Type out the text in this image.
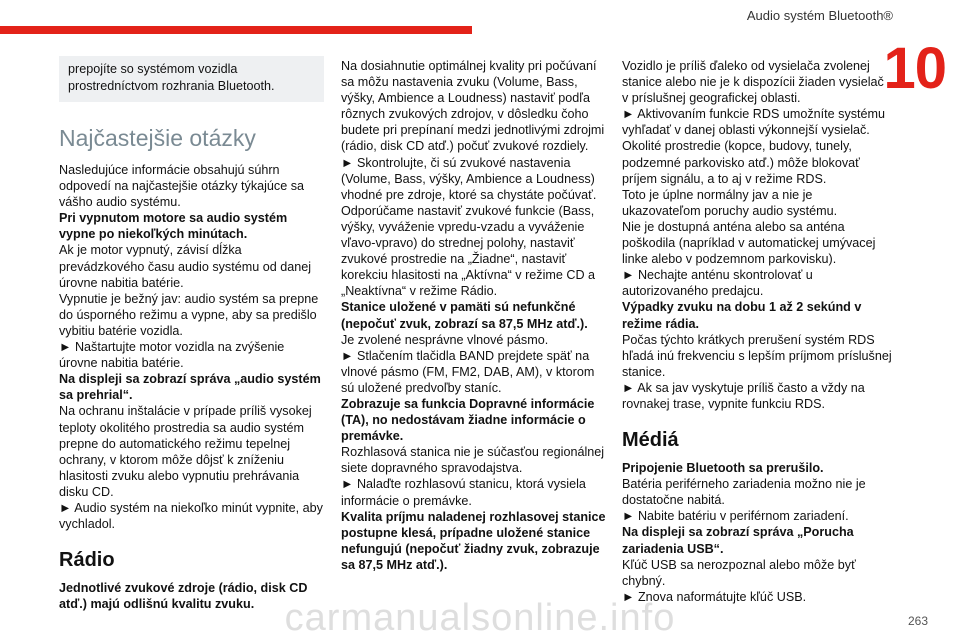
Audio systém Bluetooth®
10
prepojíte so systémom vozidla prostredníctvom rozhrania Bluetooth.
Najčastejšie otázky

Nasledujúce informácie obsahujú súhrn odpovedí na najčastejšie otázky týkajúce sa vášho audio systému.

Pri vypnutom motore sa audio systém vypne po niekoľkých minútach.

Ak je motor vypnutý, závisí dĺžka prevádzkového času audio systému od danej úrovne nabitia batérie.

Vypnutie je bežný jav: audio systém sa prepne do úsporného režimu a vypne, aby sa predišlo vybitiu batérie vozidla.

► Naštartujte motor vozidla na zvýšenie úrovne nabitia batérie.

Na displeji sa zobrazí správa „audio systém sa prehrial“.

Na ochranu inštalácie v prípade príliš vysokej teploty okolitého prostredia sa audio systém prepne do automatického režimu tepelnej ochrany, v ktorom môže dôjsť k zníženiu hlasitosti zvuku alebo vypnutiu prehrávania disku CD.

► Audio systém na niekoľko minút vypnite, aby vychladol.

Rádio

Jednotlivé zvukové zdroje (rádio, disk CD atď.) majú odlišnú kvalitu zvuku.

Na dosiahnutie optimálnej kvality pri počúvaní sa môžu nastavenia zvuku (Volume, Bass, výšky, Ambience a Loudness) nastaviť podľa rôznych zvukových zdrojov, v dôsledku čoho budete pri prepínaní medzi jednotlivými zdrojmi (rádio, disk CD atď.) počuť zvukové rozdiely.

► Skontrolujte, či sú zvukové nastavenia (Volume, Bass, výšky, Ambience a Loudness) vhodné pre zdroje, ktoré sa chystáte počúvať. Odporúčame nastaviť zvukové funkcie (Bass, výšky, vyváženie vpredu-vzadu a vyváženie vľavo-vpravo) do strednej polohy, nastaviť zvukové prostredie na „Žiadne“, nastaviť korekciu hlasitosti na „Aktívna“ v režime CD a „Neaktívna“ v režime Rádio.

Stanice uložené v pamäti sú nefunkčné (nepočuť zvuk, zobrazí sa 87,5 MHz atď.).

Je zvolené nesprávne vlnové pásmo.

► Stlačením tlačidla BAND prejdete späť na vlnové pásmo (FM, FM2, DAB, AM), v ktorom sú uložené predvoľby staníc.

Zobrazuje sa funkcia Dopravné informácie (TA), no nedostávam žiadne informácie o premávke.

Rozhlasová stanica nie je súčasťou regionálnej siete dopravného spravodajstva.

► Nalaďte rozhlasovú stanicu, ktorá vysiela informácie o premávke.

Kvalita príjmu naladenej rozhlasovej stanice postupne klesá, prípadne uložené stanice nefungujú (nepočuť žiadny zvuk, zobrazuje sa 87,5 MHz atď.).

Vozidlo je príliš ďaleko od vysielača zvolenej stanice alebo nie je k dispozícii žiaden vysielač v príslušnej geografickej oblasti.

► Aktivovaním funkcie RDS umožníte systému vyhľadať v danej oblasti výkonnejší vysielač.

Okolité prostredie (kopce, budovy, tunely, podzemné parkovisko atď.) môže blokovať príjem signálu, a to aj v režime RDS.

Toto je úplne normálny jav a nie je ukazovateľom poruchy audio systému.

Nie je dostupná anténa alebo sa anténa poškodila (napríklad v automatickej umývacej linke alebo v podzemnom parkovisku).

► Nechajte anténu skontrolovať u autorizovaného predajcu.

Výpadky zvuku na dobu 1 až 2 sekúnd v režime rádia.

Počas týchto krátkych prerušení systém RDS hľadá inú frekvenciu s lepším príjmom príslušnej stanice.

► Ak sa jav vyskytuje príliš často a vždy na rovnakej trase, vypnite funkciu RDS.

Médiá

Pripojenie Bluetooth sa prerušilo.

Batéria periférneho zariadenia možno nie je dostatočne nabitá.

► Nabite batériu v periférnom zariadení.

Na displeji sa zobrazí správa „Porucha zariadenia USB“.

Kľúč USB sa nerozpoznal alebo môže byť chybný.

► Znova naformátujte kľúč USB.

carmanualsonline.info	263
